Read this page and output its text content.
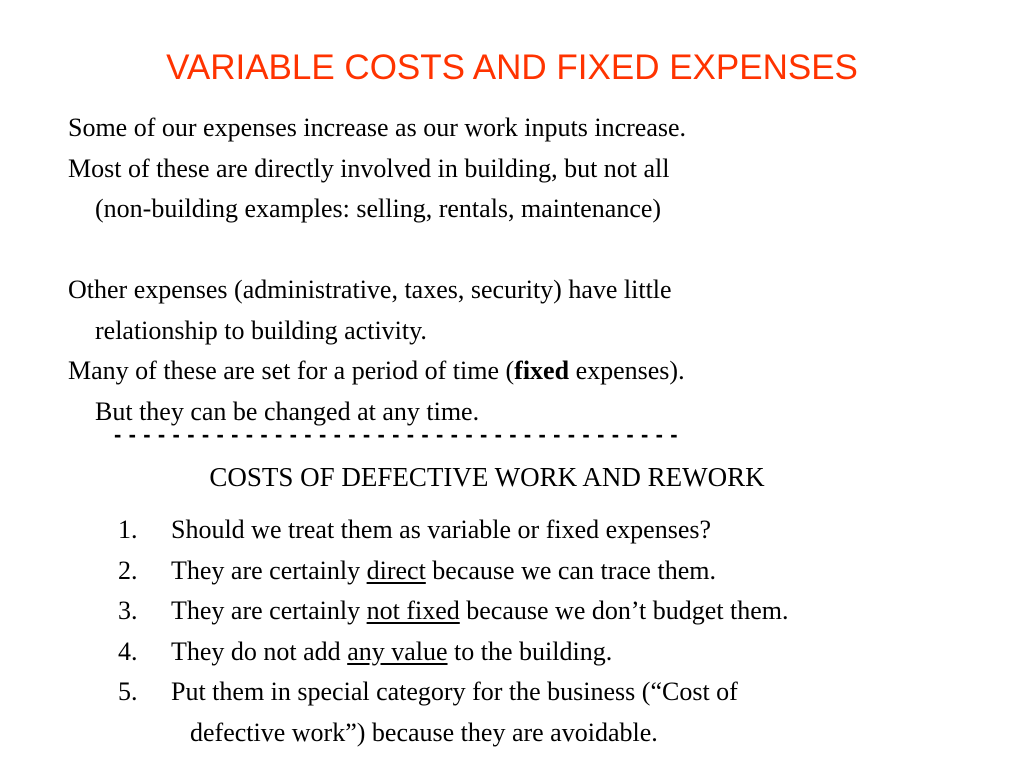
VARIABLE COSTS AND FIXED EXPENSES
Some of our expenses increase as our work inputs increase.
Most of these are directly involved in building, but not all
(non-building examples: selling, rentals, maintenance)
Other expenses (administrative, taxes, security) have little
relationship to building activity.
Many of these are set for a period of time (fixed expenses).
But they can be changed at any time.
- - - - - - - - - - - - - - - - - - - - - - - - - - - - - - - - - - - - - - -
COSTS OF DEFECTIVE WORK AND REWORK
1.	Should we treat them as variable or fixed expenses?
2.	They are certainly direct because we can trace them.
3.	They are certainly not fixed because we don’t budget them.
4.	They do not add any value to the building.
5.	Put them in special category for the business (“Cost of
defective work”) because they are avoidable.
